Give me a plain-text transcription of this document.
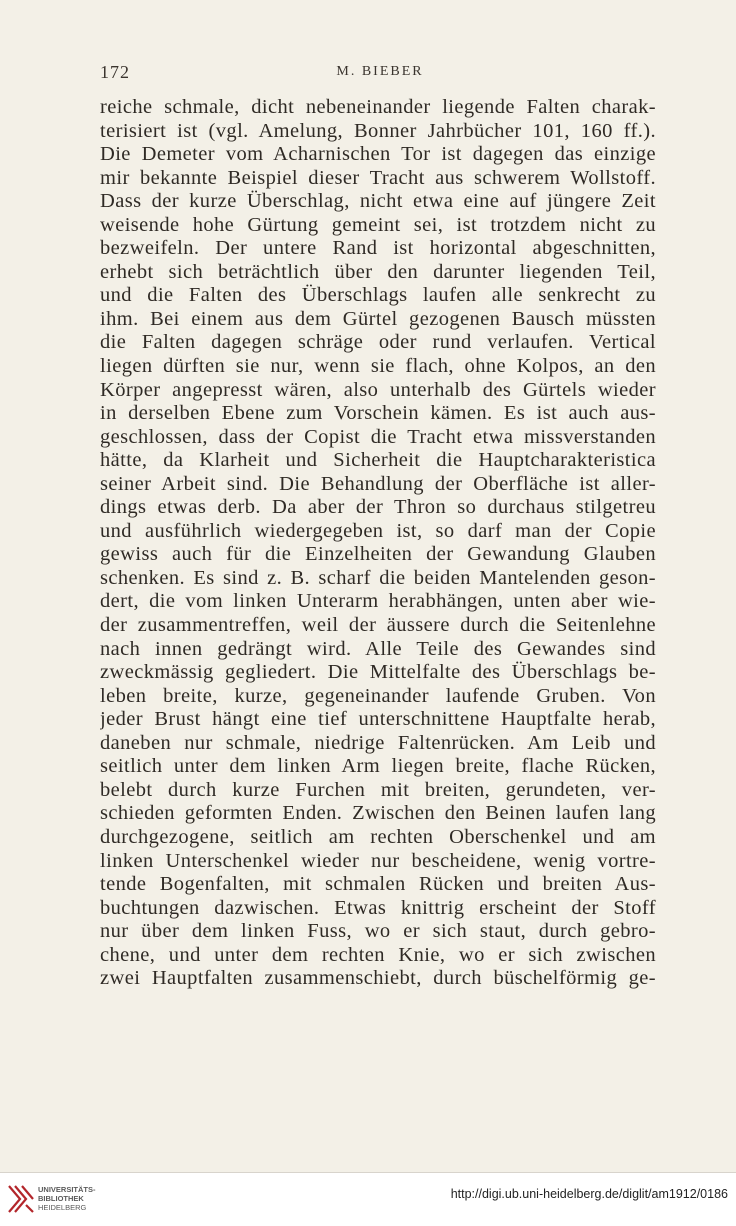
172	M. BIEBER
reiche schmale, dicht nebeneinander liegende Falten charak-
terisiert ist (vgl. Amelung, Bonner Jahrbücher 101, 160 ff.).
Die Demeter vom Acharnischen Tor ist dagegen das einzige
mir bekannte Beispiel dieser Tracht aus schwerem Wollstoff.
Dass der kurze Überschlag, nicht etwa eine auf jüngere Zeit
weisende hohe Gürtung gemeint sei, ist trotzdem nicht zu
bezweifeln. Der untere Rand ist horizontal abgeschnitten,
erhebt sich beträchtlich über den darunter liegenden Teil,
und die Falten des Überschlags laufen alle senkrecht zu
ihm. Bei einem aus dem Gürtel gezogenen Bausch müssten
die Falten dagegen schräge oder rund verlaufen. Vertical
liegen dürften sie nur, wenn sie flach, ohne Kolpos, an den
Körper angepresst wären, also unterhalb des Gürtels wieder
in derselben Ebene zum Vorschein kämen. Es ist auch aus-
geschlossen, dass der Copist die Tracht etwa missverstanden
hätte, da Klarheit und Sicherheit die Hauptcharakteristica
seiner Arbeit sind. Die Behandlung der Oberfläche ist aller-
dings etwas derb. Da aber der Thron so durchaus stilgetreu
und ausführlich wiedergegeben ist, so darf man der Copie
gewiss auch für die Einzelheiten der Gewandung Glauben
schenken. Es sind z. B. scharf die beiden Mantelenden geson-
dert, die vom linken Unterarm herabhängen, unten aber wie-
der zusammentreffen, weil der äussere durch die Seitenlehne
nach innen gedrängt wird. Alle Teile des Gewandes sind
zweckmässig gegliedert. Die Mittelfalte des Überschlags be-
leben breite, kurze, gegeneinander laufende Gruben. Von
jeder Brust hängt eine tief unterschnittene Hauptfalte herab,
daneben nur schmale, niedrige Faltenrücken. Am Leib und
seitlich unter dem linken Arm liegen breite, flache Rücken,
belebt durch kurze Furchen mit breiten, gerundeten, ver-
schieden geformten Enden. Zwischen den Beinen laufen lang
durchgezogene, seitlich am rechten Oberschenkel und am
linken Unterschenkel wieder nur bescheidene, wenig vortre-
tende Bogenfalten, mit schmalen Rücken und breiten Aus-
buchtungen dazwischen. Etwas knittrig erscheint der Stoff
nur über dem linken Fuss, wo er sich staut, durch gebro-
chene, und unter dem rechten Knie, wo er sich zwischen
zwei Hauptfalten zusammenschiebt, durch büschelförmig ge-
UNIVERSITÄTS-
BIBLIOTHEK
HEIDELBERG
http://digi.ub.uni-heidelberg.de/diglit/am1912/0186
